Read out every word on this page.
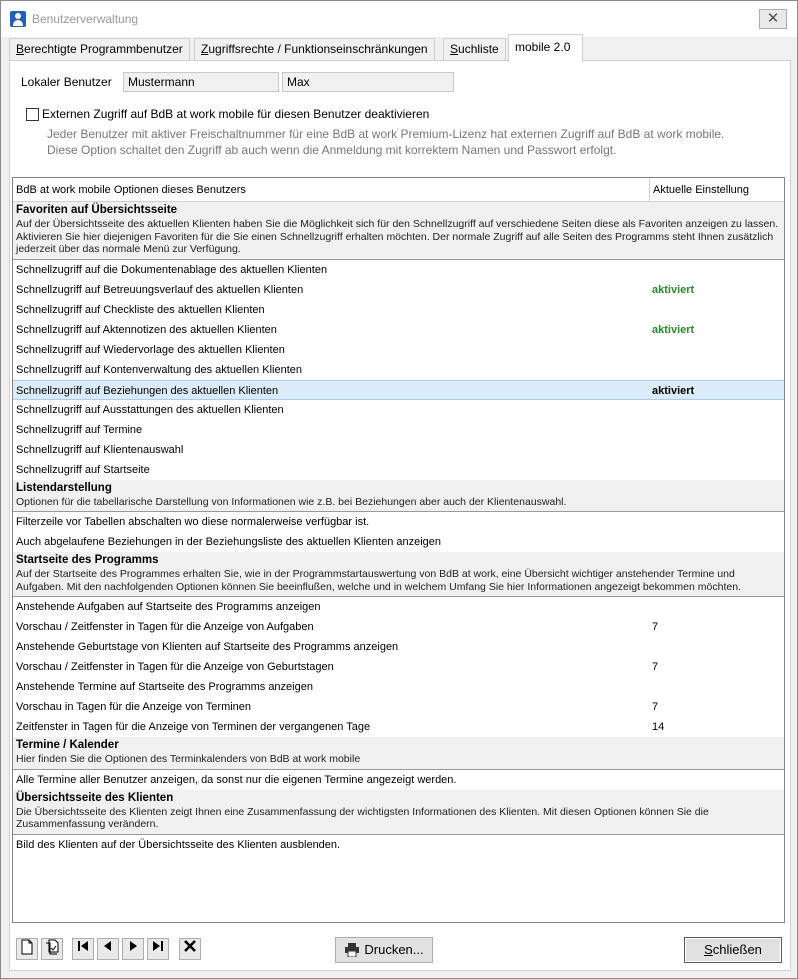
Benutzerverwaltung	✕
Berechtigte Programmbenutzer	Zugriffsrechte / Funktionseinschränkungen	Suchliste	mobile 2.0
Lokaler Benutzer	Mustermann	Max
Externen Zugriff auf BdB at work mobile für diesen Benutzer deaktivieren
Jeder Benutzer mit aktiver Freischaltnummer für eine BdB at work Premium-Lizenz hat externen Zugriff auf BdB at work mobile.
Diese Option schaltet den Zugriff ab auch wenn die Anmeldung mit korrektem Namen und Passwort erfolgt.
BdB at work mobile Optionen dieses Benutzers	Aktuelle Einstellung
Favoriten auf Übersichtsseite
Auf der Übersichtsseite des aktuellen Klienten haben Sie die Möglichkeit sich für den Schnellzugriff auf verschiedene Seiten diese als Favoriten anzeigen zu lassen. Aktivieren Sie hier diejenigen Favoriten für die Sie einen Schnellzugriff erhalten möchten. Der normale Zugriff auf alle Seiten des Programms steht Ihnen zusätzlich jederzeit über das normale Menü zur Verfügung.
Schnellzugriff auf die Dokumentenablage des aktuellen Klienten
Schnellzugriff auf Betreuungsverlauf des aktuellen Klienten	aktiviert
Schnellzugriff auf Checkliste des aktuellen Klienten
Schnellzugriff auf Aktennotizen des aktuellen Klienten	aktiviert
Schnellzugriff auf Wiedervorlage des aktuellen Klienten
Schnellzugriff auf Kontenverwaltung des aktuellen Klienten
Schnellzugriff auf Beziehungen des aktuellen Klienten	aktiviert
Schnellzugriff auf Ausstattungen des aktuellen Klienten
Schnellzugriff auf Termine
Schnellzugriff auf Klientenauswahl
Schnellzugriff auf Startseite
Listendarstellung
Optionen für die tabellarische Darstellung von Informationen wie z.B. bei Beziehungen aber auch der Klientenauswahl.
Filterzeile vor Tabellen abschalten wo diese normalerweise verfügbar ist.
Auch abgelaufene Beziehungen in der Beziehungsliste des aktuellen Klienten anzeigen
Startseite des Programms
Auf der Startseite des Programmes erhalten Sie, wie in der Programmstartauswertung von BdB at work, eine Übersicht wichtiger anstehender Termine und Aufgaben. Mit den nachfolgenden Optionen können Sie beeinflußen, welche und in welchem Umfang Sie hier Informationen angezeigt bekommen möchten.
Anstehende Aufgaben auf Startseite des Programms anzeigen
Vorschau / Zeitfenster in Tagen für die Anzeige von Aufgaben	7
Anstehende Geburtstage von Klienten auf Startseite des Programms anzeigen
Vorschau / Zeitfenster in Tagen für die Anzeige von Geburtstagen	7
Anstehende Termine auf Startseite des Programms anzeigen
Vorschau in Tagen für die Anzeige von Terminen	7
Zeitfenster in Tagen für die Anzeige von Terminen der vergangenen Tage	14
Termine / Kalender
Hier finden Sie die Optionen des Terminkalenders von BdB at work mobile
Alle Termine aller Benutzer anzeigen, da sonst nur die eigenen Termine angezeigt werden.
Übersichtsseite des Klienten
Die Übersichtsseite des Klienten zeigt Ihnen eine Zusammenfassung der wichtigsten Informationen des Klienten. Mit diesen Optionen können Sie die Zusammenfassung verändern.
Bild des Klienten auf der Übersichtsseite des Klienten ausblenden.
Drucken...	Schließen
